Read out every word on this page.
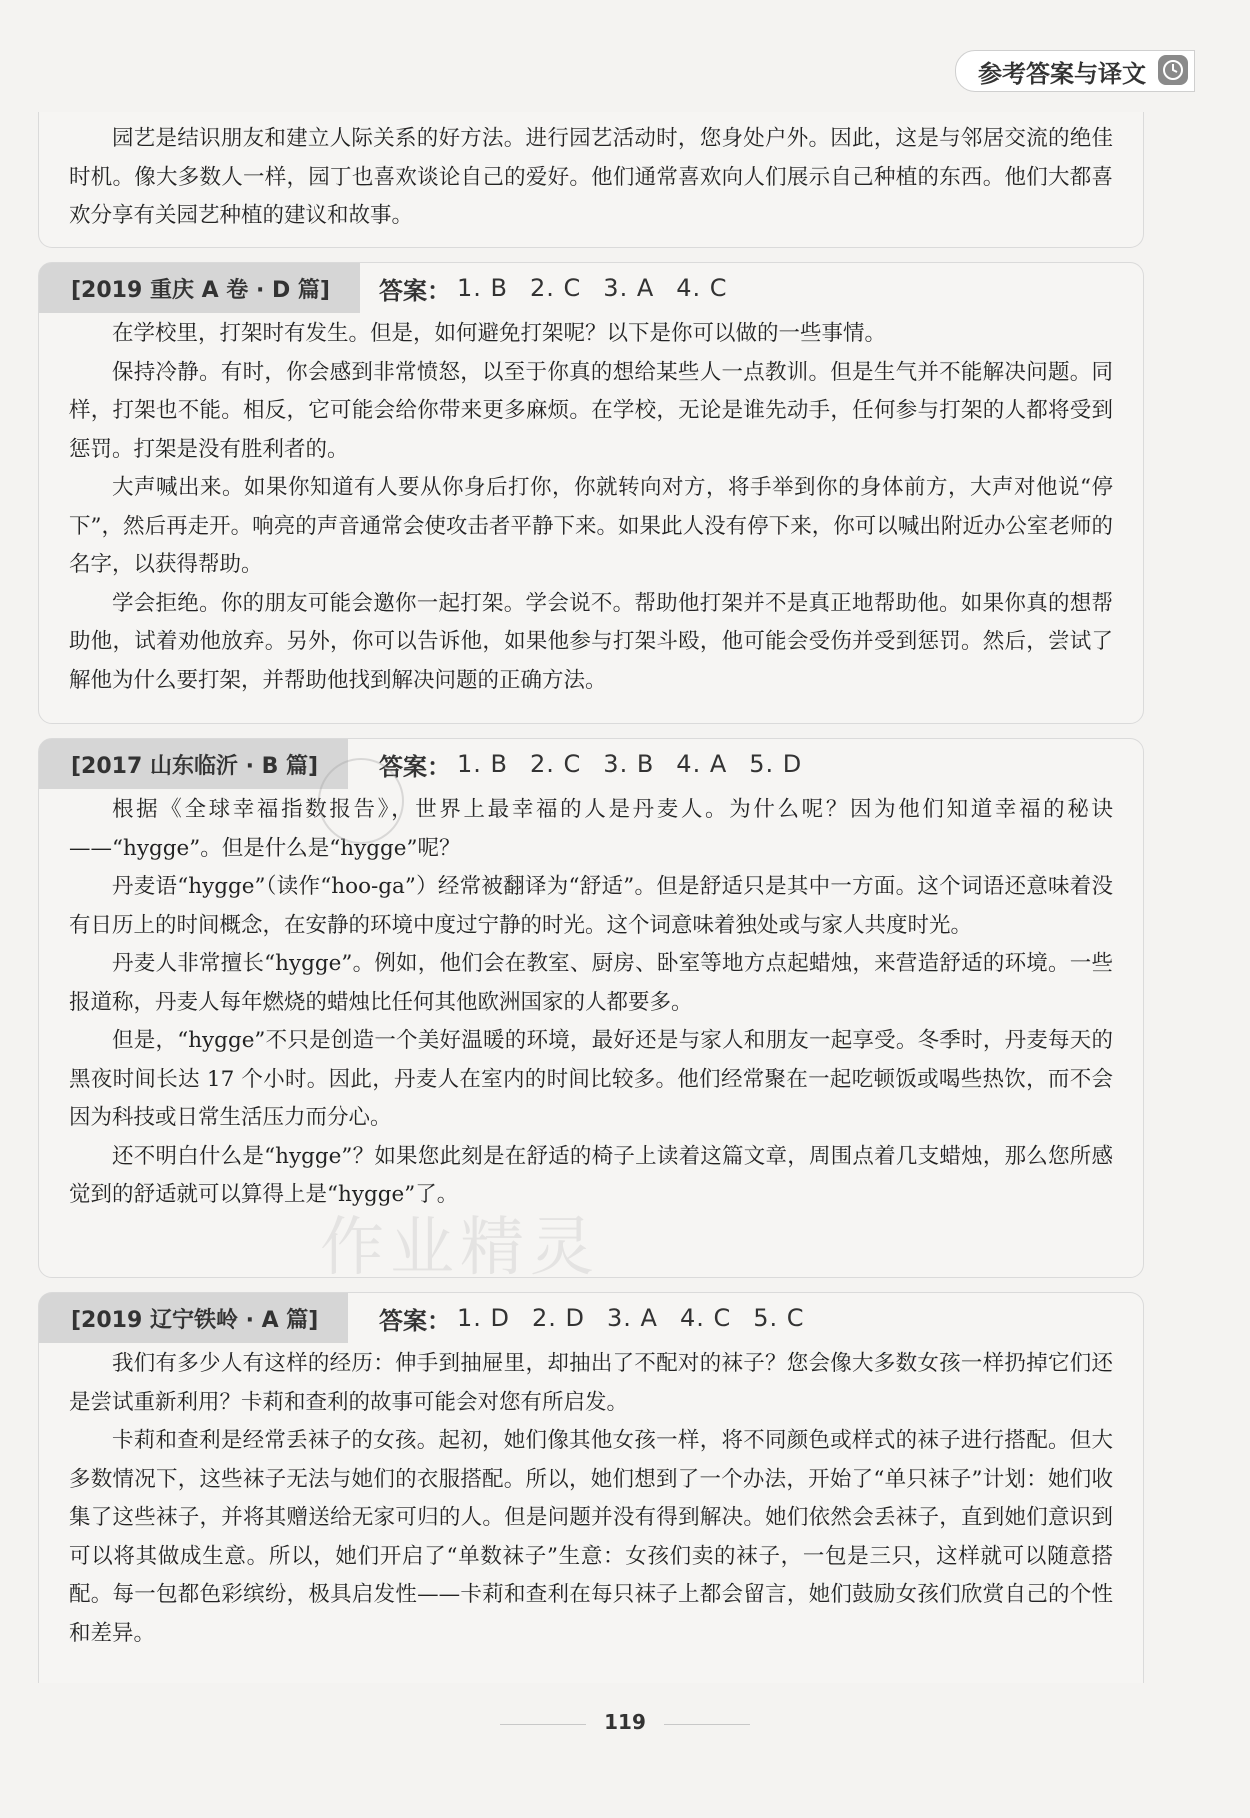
参考答案与译文

园艺是结识朋友和建立人际关系的好方法。进行园艺活动时，您身处户外。因此，这是与邻居交流的绝佳时机。像大多数人一样，园丁也喜欢谈论自己的爱好。他们通常喜欢向人们展示自己种植的东西。他们大都喜欢分享有关园艺种植的建议和故事。

[2019 重庆 A 卷 · D 篇]	答案： 1. B 2. C 3. A 4. C

在学校里，打架时有发生。但是，如何避免打架呢？以下是你可以做的一些事情。

保持冷静。有时，你会感到非常愤怒，以至于你真的想给某些人一点教训。但是生气并不能解决问题。同样，打架也不能。相反，它可能会给你带来更多麻烦。在学校，无论是谁先动手，任何参与打架的人都将受到惩罚。打架是没有胜利者的。

大声喊出来。如果你知道有人要从你身后打你，你就转向对方，将手举到你的身体前方，大声对他说“停下”，然后再走开。响亮的声音通常会使攻击者平静下来。如果此人没有停下来，你可以喊出附近办公室老师的名字，以获得帮助。

学会拒绝。你的朋友可能会邀你一起打架。学会说不。帮助他打架并不是真正地帮助他。如果你真的想帮助他，试着劝他放弃。另外，你可以告诉他，如果他参与打架斗殴，他可能会受伤并受到惩罚。然后，尝试了解他为什么要打架，并帮助他找到解决问题的正确方法。

[2017 山东临沂 · B 篇]	答案： 1. B 2. C 3. B 4. A 5. D

根据《全球幸福指数报告》，世界上最幸福的人是丹麦人。为什么呢？因为他们知道幸福的秘诀——“hygge”。但是什么是“hygge”呢？

丹麦语“hygge”（读作“hoo-ga”）经常被翻译为“舒适”。但是舒适只是其中一方面。这个词语还意味着没有日历上的时间概念，在安静的环境中度过宁静的时光。这个词意味着独处或与家人共度时光。

丹麦人非常擅长“hygge”。例如，他们会在教室、厨房、卧室等地方点起蜡烛，来营造舒适的环境。一些报道称，丹麦人每年燃烧的蜡烛比任何其他欧洲国家的人都要多。

但是，“hygge”不只是创造一个美好温暖的环境，最好还是与家人和朋友一起享受。冬季时，丹麦每天的黑夜时间长达 17 个小时。因此，丹麦人在室内的时间比较多。他们经常聚在一起吃顿饭或喝些热饮，而不会因为科技或日常生活压力而分心。

还不明白什么是“hygge”？如果您此刻是在舒适的椅子上读着这篇文章，周围点着几支蜡烛，那么您所感觉到的舒适就可以算得上是“hygge”了。

[2019 辽宁铁岭 · A 篇]	答案： 1. D 2. D 3. A 4. C 5. C

我们有多少人有这样的经历：伸手到抽屉里，却抽出了不配对的袜子？您会像大多数女孩一样扔掉它们还是尝试重新利用？卡莉和查利的故事可能会对您有所启发。

卡莉和查利是经常丢袜子的女孩。起初，她们像其他女孩一样，将不同颜色或样式的袜子进行搭配。但大多数情况下，这些袜子无法与她们的衣服搭配。所以，她们想到了一个办法，开始了“单只袜子”计划：她们收集了这些袜子，并将其赠送给无家可归的人。但是问题并没有得到解决。她们依然会丢袜子，直到她们意识到可以将其做成生意。所以，她们开启了“单数袜子”生意：女孩们卖的袜子，一包是三只，这样就可以随意搭配。每一包都色彩缤纷，极具启发性——卡莉和查利在每只袜子上都会留言，她们鼓励女孩们欣赏自己的个性和差异。

作业精灵
119
